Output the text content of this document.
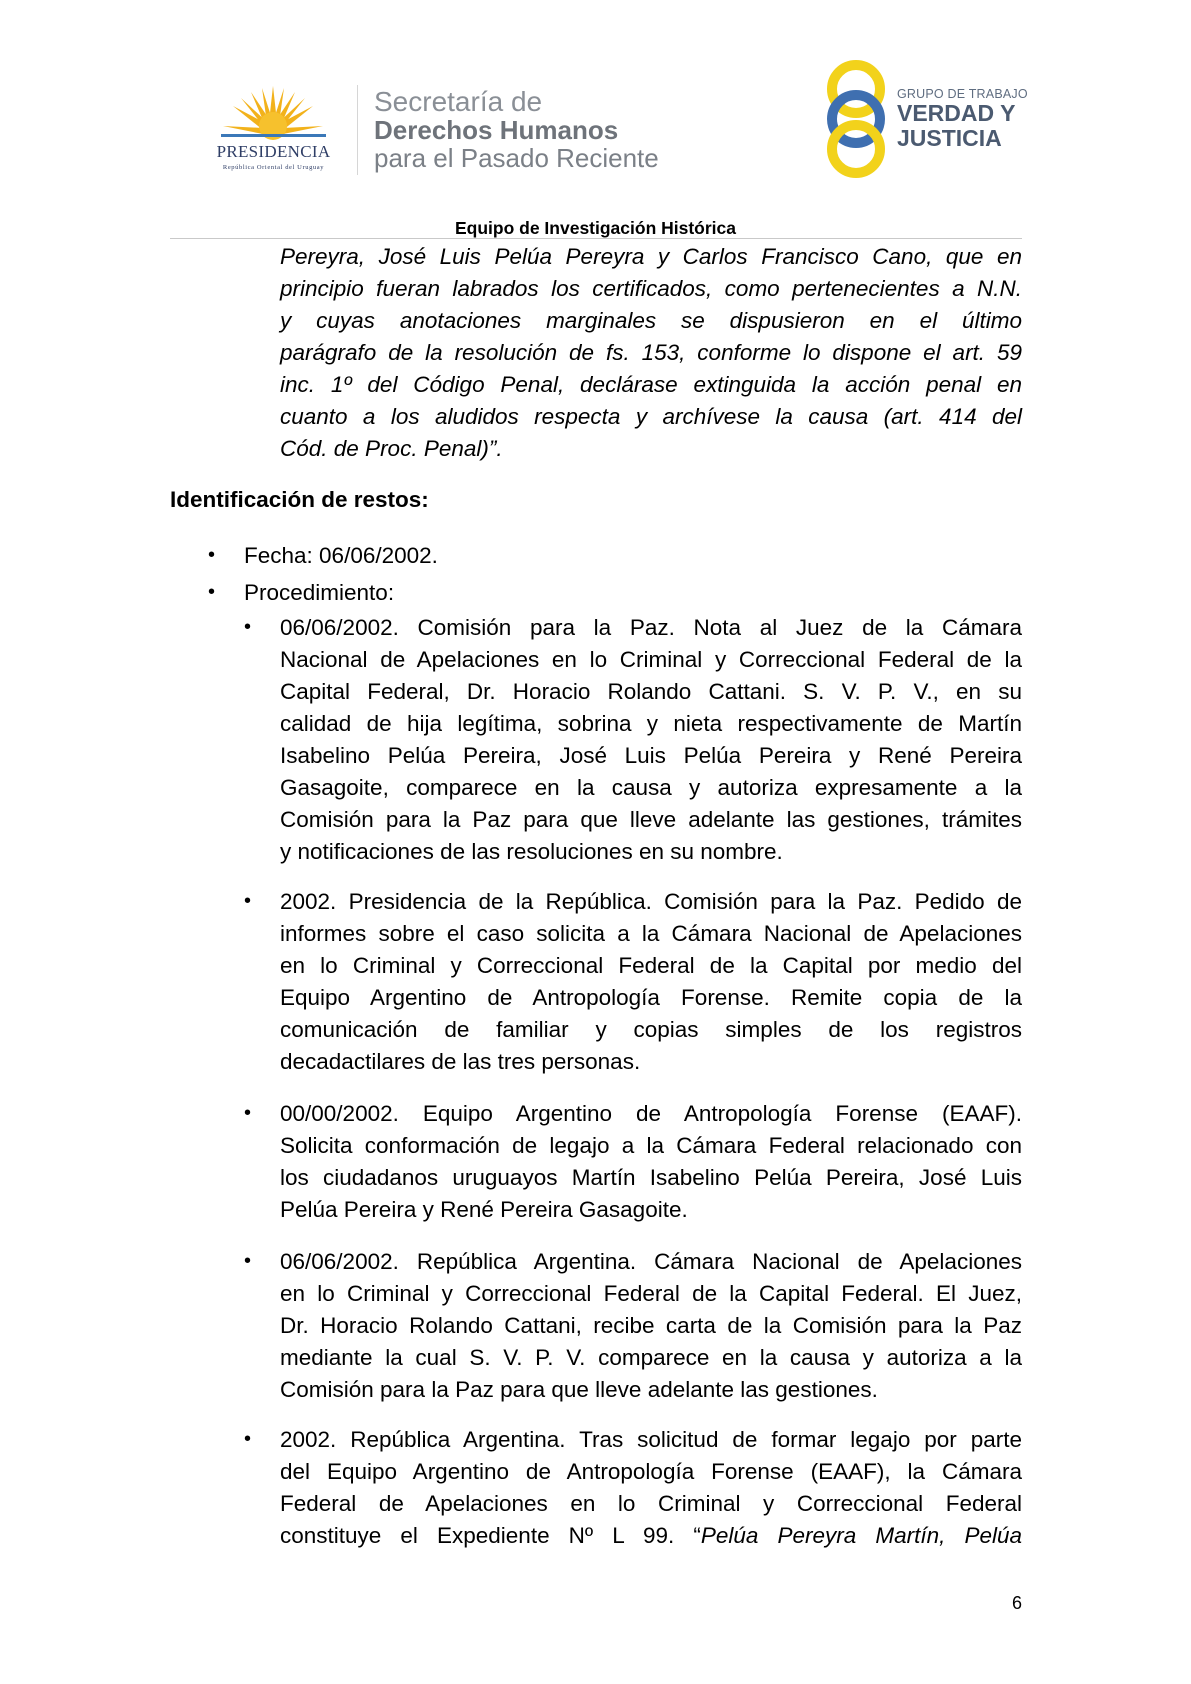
PRESIDENCIA
República Oriental del Uruguay
Secretaría de
Derechos Humanos
para el Pasado Reciente
GRUPO DE TRABAJO
VERDAD Y
JUSTICIA
Equipo de Investigación Histórica
Pereyra, José Luis Pelúa Pereyra y Carlos Francisco Cano, que en
principio fueran labrados los certificados, como pertenecientes a N.N.
y cuyas anotaciones marginales se dispusieron en el último
parágrafo de la resolución de fs. 153, conforme lo dispone el art. 59
inc. 1º del Código Penal, declárase extinguida la acción penal en
cuanto a los aludidos respecta y archívese la causa (art. 414 del
Cód. de Proc. Penal)”.
Identificación de restos:
• Fecha: 06/06/2002.
• Procedimiento:
• 06/06/2002. Comisión para la Paz. Nota al Juez de la Cámara
Nacional de Apelaciones en lo Criminal y Correccional Federal de la
Capital Federal, Dr. Horacio Rolando Cattani. S. V. P. V., en su
calidad de hija legítima, sobrina y nieta respectivamente de Martín
Isabelino Pelúa Pereira, José Luis Pelúa Pereira y René Pereira
Gasagoite, comparece en la causa y autoriza expresamente a la
Comisión para la Paz para que lleve adelante las gestiones, trámites
y notificaciones de las resoluciones en su nombre.
• 2002. Presidencia de la República. Comisión para la Paz. Pedido de
informes sobre el caso solicita a la Cámara Nacional de Apelaciones
en lo Criminal y Correccional Federal de la Capital por medio del
Equipo Argentino de Antropología Forense. Remite copia de la
comunicación de familiar y copias simples de los registros
decadactilares de las tres personas.
• 00/00/2002. Equipo Argentino de Antropología Forense (EAAF).
Solicita conformación de legajo a la Cámara Federal relacionado con
los ciudadanos uruguayos Martín Isabelino Pelúa Pereira, José Luis
Pelúa Pereira y René Pereira Gasagoite.
• 06/06/2002. República Argentina. Cámara Nacional de Apelaciones
en lo Criminal y Correccional Federal de la Capital Federal. El Juez,
Dr. Horacio Rolando Cattani, recibe carta de la Comisión para la Paz
mediante la cual S. V. P. V. comparece en la causa y autoriza a la
Comisión para la Paz para que lleve adelante las gestiones.
• 2002. República Argentina. Tras solicitud de formar legajo por parte
del Equipo Argentino de Antropología Forense (EAAF), la Cámara
Federal de Apelaciones en lo Criminal y Correccional Federal
constituye el Expediente Nº L 99. “Pelúa Pereyra Martín, Pelúa
6
